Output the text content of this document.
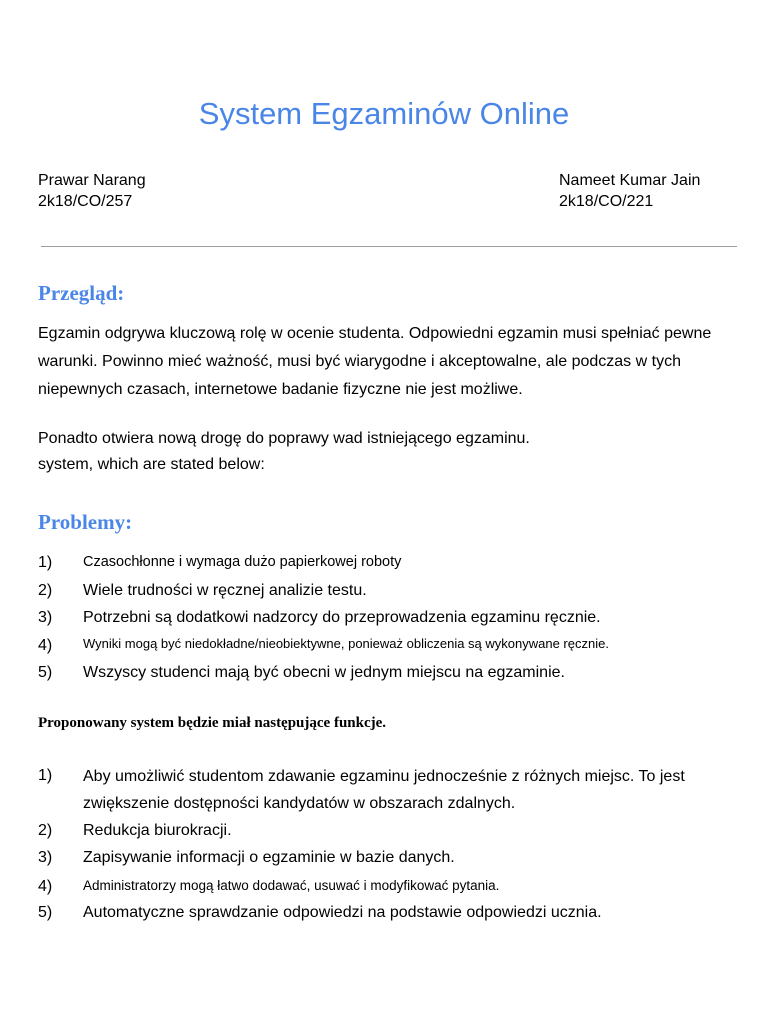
System Egzaminów Online
Prawar Narang
2k18/CO/257
Nameet Kumar Jain
2k18/CO/221
Przegląd:

Egzamin odgrywa kluczową rolę w ocenie studenta. Odpowiedni egzamin musi spełniać pewne warunki. Powinno mieć ważność, musi być wiarygodne i akceptowalne, ale podczas w tych niepewnych czasach, internetowe badanie fizyczne nie jest możliwe.

Ponadto otwiera nową drogę do poprawy wad istniejącego egzaminu.
system, which are stated below:

Problemy:
1)	Czasochłonne i wymaga dużo papierkowej roboty
2)	Wiele trudności w ręcznej analizie testu.
3)	Potrzebni są dodatkowi nadzorcy do przeprowadzenia egzaminu ręcznie.
4)	Wyniki mogą być niedokładne/nieobiektywne, ponieważ obliczenia są wykonywane ręcznie.
5)	Wszyscy studenci mają być obecni w jednym miejscu na egzaminie.
Proponowany system będzie miał następujące funkcje.
1)	Aby umożliwić studentom zdawanie egzaminu jednocześnie z różnych miejsc. To jest zwiększenie dostępności kandydatów w obszarach zdalnych.
2)	Redukcja biurokracji.
3)	Zapisywanie informacji o egzaminie w bazie danych.
4)	Administratorzy mogą łatwo dodawać, usuwać i modyfikować pytania.
5)	Automatyczne sprawdzanie odpowiedzi na podstawie odpowiedzi ucznia.
